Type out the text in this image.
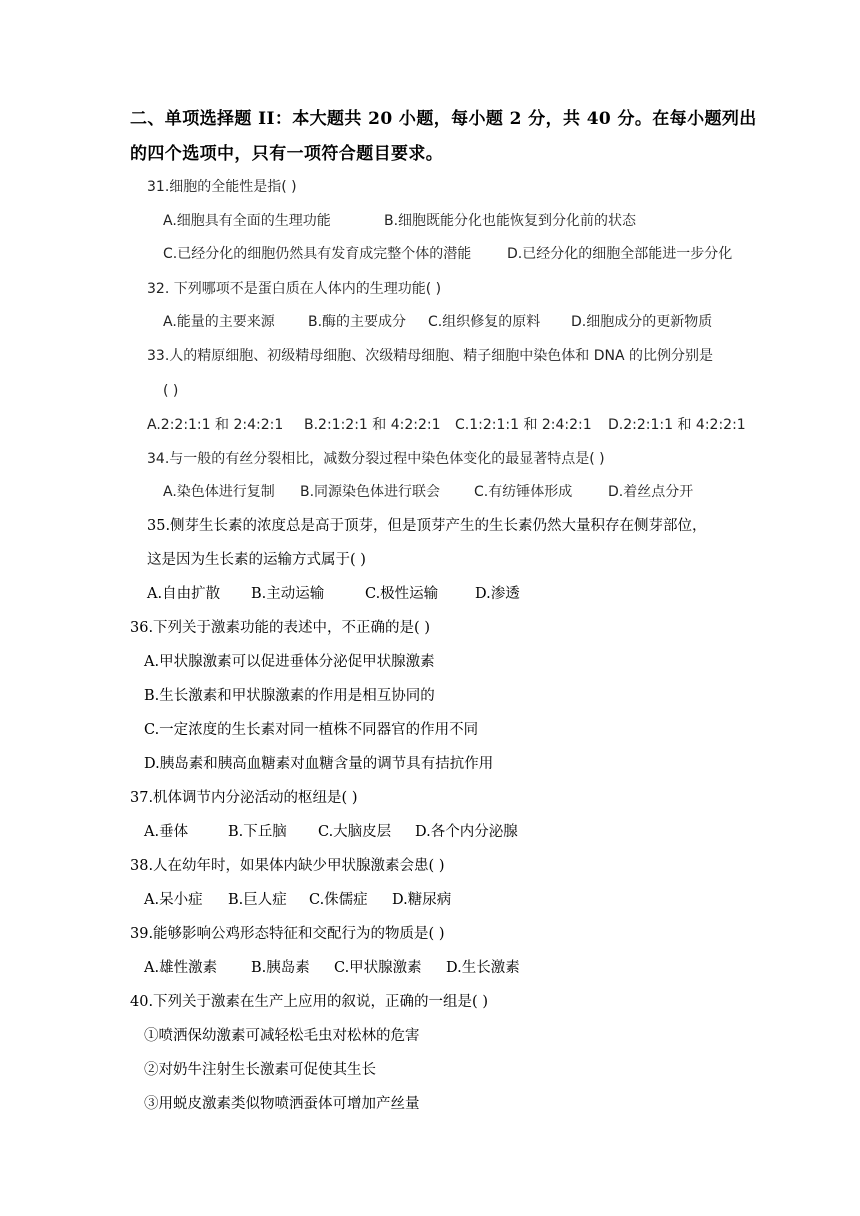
二、单项选择题 II：本大题共 20 小题，每小题 2 分，共 40 分。在每小题列出
的四个选项中，只有一项符合题目要求。
31.细胞的全能性是指( )
A.细胞具有全面的生理功能	B.细胞既能分化也能恢复到分化前的状态
C.已经分化的细胞仍然具有发育成完整个体的潜能	D.已经分化的细胞全部能进一步分化
32. 下列哪项不是蛋白质在人体内的生理功能( )
A.能量的主要来源 B.酶的主要成分 C.组织修复的原料 D.细胞成分的更新物质
33.人的精原细胞、初级精母细胞、次级精母细胞、精子细胞中染色体和 DNA 的比例分别是
( )
A.2:2:1:1 和 2:4:2:1 B.2:1:2:1 和 4:2:2:1 C.1:2:1:1 和 2:4:2:1 D.2:2:1:1 和 4:2:2:1
34.与一般的有丝分裂相比，减数分裂过程中染色体变化的最显著特点是( )
A.染色体进行复制 B.同源染色体进行联会 C.有纺锤体形成	D.着丝点分开
35.侧芽生长素的浓度总是高于顶芽，但是顶芽产生的生长素仍然大量积存在侧芽部位，
这是因为生长素的运输方式属于( )
A.自由扩散 B.主动运输	C.极性运输	D.渗透
36.下列关于激素功能的表述中，不正确的是( )
A.甲状腺激素可以促进垂体分泌促甲状腺激素
B.生长激素和甲状腺激素的作用是相互协同的
C.一定浓度的生长素对同一植株不同器官的作用不同
D.胰岛素和胰高血糖素对血糖含量的调节具有拮抗作用
37.机体调节内分泌活动的枢纽是( )
A.垂体	B.下丘脑 C.大脑皮层 D.各个内分泌腺
38.人在幼年时，如果体内缺少甲状腺激素会患( )
A.呆小症 B.巨人症 C.侏儒症 D.糖尿病
39.能够影响公鸡形态特征和交配行为的物质是( )
A.雄性激素 B.胰岛素 C.甲状腺激素 D.生长激素
40.下列关于激素在生产上应用的叙说，正确的一组是( )
①喷洒保幼激素可减轻松毛虫对松林的危害
②对奶牛注射生长激素可促使其生长
③用蜕皮激素类似物喷洒蚕体可增加产丝量
